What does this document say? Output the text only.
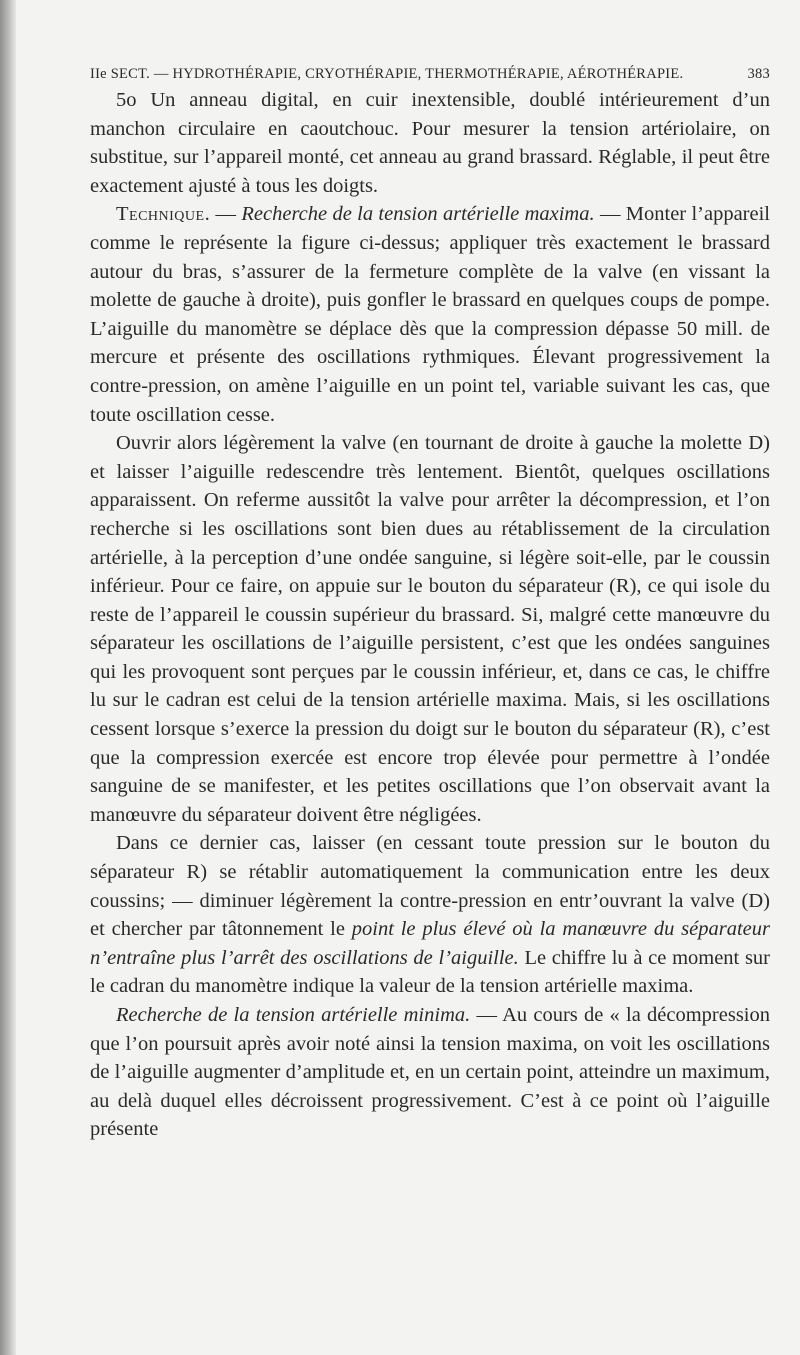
IIe SECT. — HYDROTHÉRAPIE, CRYOTHÉRAPIE, THERMOTHÉRAPIE, AÉROTHÉRAPIE.	383

5o Un anneau digital, en cuir inextensible, doublé intérieurement d’un manchon circulaire en caoutchouc. Pour mesurer la tension artériolaire, on substitue, sur l’appareil monté, cet anneau au grand brassard. Réglable, il peut être exactement ajusté à tous les doigts.

Technique. — Recherche de la tension artérielle maxima. — Monter l’appareil comme le représente la figure ci-dessus; appliquer très exactement le brassard autour du bras, s’assurer de la fermeture complète de la valve (en vissant la molette de gauche à droite), puis gonfler le brassard en quelques coups de pompe. L’aiguille du manomètre se déplace dès que la compression dépasse 50 mill. de mercure et présente des oscillations rythmiques. Élevant progressivement la contre-pression, on amène l’aiguille en un point tel, variable suivant les cas, que toute oscillation cesse.

Ouvrir alors légèrement la valve (en tournant de droite à gauche la molette D) et laisser l’aiguille redescendre très lentement. Bientôt, quelques oscillations apparaissent. On referme aussitôt la valve pour arrêter la décompression, et l’on recherche si les oscillations sont bien dues au rétablissement de la circulation artérielle, à la perception d’une ondée sanguine, si légère soit-elle, par le coussin inférieur. Pour ce faire, on appuie sur le bouton du séparateur (R), ce qui isole du reste de l’appareil le coussin supérieur du brassard. Si, malgré cette manœuvre du séparateur les oscillations de l’aiguille persistent, c’est que les ondées sanguines qui les provoquent sont perçues par le coussin inférieur, et, dans ce cas, le chiffre lu sur le cadran est celui de la tension artérielle maxima. Mais, si les oscillations cessent lorsque s’exerce la pression du doigt sur le bouton du séparateur (R), c’est que la compression exercée est encore trop élevée pour permettre à l’ondée sanguine de se manifester, et les petites oscillations que l’on observait avant la manœuvre du séparateur doivent être négligées.

Dans ce dernier cas, laisser (en cessant toute pression sur le bouton du séparateur R) se rétablir automatiquement la communication entre les deux coussins; — diminuer légèrement la contre-pression en entr’ouvrant la valve (D) et chercher par tâtonnement le point le plus élevé où la manœuvre du séparateur n’entraîne plus l’arrêt des oscillations de l’aiguille. Le chiffre lu à ce moment sur le cadran du manomètre indique la valeur de la tension artérielle maxima.

Recherche de la tension artérielle minima. — Au cours de « la décompression que l’on poursuit après avoir noté ainsi la tension maxima, on voit les oscillations de l’aiguille augmenter d’amplitude et, en un certain point, atteindre un maximum, au delà duquel elles décroissent progressivement. C’est à ce point où l’aiguille présente
